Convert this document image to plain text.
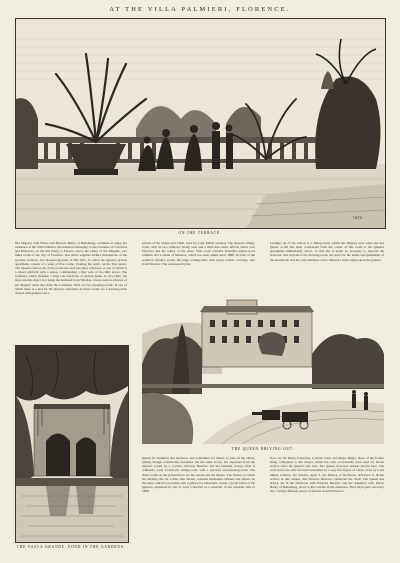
AT THE VILLA PALMIERI, FLORENCE.
TATE
ON THE TERRACE.

Her Majesty, with Prince and Princess Henry of Battenberg, continues to enjoy her residence at the Villa Palmieri, the mansion belonging to the Countess of Crawford and Balcarres, on the hill rising to Fiesole, above the valley of the Mugello, two miles north of the city of Florence. Our Artist supplies further illustrations of the gardens, terraces, and pleasure-grounds of this villa, in which the Queen's private apartments consist of a suite of five rooms, fronting the north, on the first storey. The Queen's bed-room, at the north-east end, has three windows, at one of which is a raised platform with a settee, commanding a fine view of the hills above. The furniture, which includes a large oak wardrobe of ancient make, is very plain, the most notable object in it being the bedstead from Windsor, always sent in advance of her Majesty when she visits the Continent. Next are two dressing-rooms, in one of which there is a bed for the Queen's attendant. In these rooms are a dressing-table draped with guipure and a

picture of the Virgin and Child, done by Lady Mabel Lindsay. The Queen's sitting-room, with its two windows facing west and a third due south, affords views over Florence and the valley of the Arno. This room contains beautiful sandal-wood cabinets and a statue of Minerva, which has been added since 1888. In front of the southern window stands the large writing-table with green leather covering, sent from Windsor. The room used by the

Leading out of the saloon is a dining-room, which her Majesty uses when she has guests. A lift has been constructed from the corner of this room to the Queen's apartments immediately above, so that she is under no necessity to descend the staircase. Just beyond is the drawing-room, set apart for the ladies and gentlemen of the household, and the only members of her Majesty's suite lodged upon the ground

THE QUEEN DRIVING OUT.
THE VASCA GRANDE, POND IN THE GARDENS.

Queen for breakfast and luncheon, and sometimes for dinner, is, like all the others, plainly though comfortably furnished. On the same storey, but separated from the Queen's rooms by a corridor, Princess Beatrice and her husband occupy what is ordinarily Lady Crawford's sitting-room, with a spacious bed-dressing-room. The chief rooms on the ground floor are the saloon and the theatre. The former, in which her Majesty sits for a time after dinner, contains handsome cabinets and settees. In the latter, which is provided with a gallery for musicians, stands a grand piano of the Queen's, presented by her to Lady Crawford as a souvenir of her pleasant visit in 1888.

floor are Sir Henry Ponsonby, Colonel Clark, and Major Bigge; those of the former being contiguous to the chapel, which has only occasionally been used for divine service since the Queen's last visit. The Queen, however, attends service here. The wall above the altar has been beautified by a very fine figure of Christ, done by Lady Mabel Lindsay. On Sunday, April 3, the Bishop of Rochester officiated at divine service in this chapel, and Princess Beatrice conducted the choir. The Queen has driven out in the afternoon with Princess Beatrice and her daughter, with Prince Henry of Battenberg, down to the Cascine in the afternoon. They have gone out every day, visiting different places of interest around Florence.
